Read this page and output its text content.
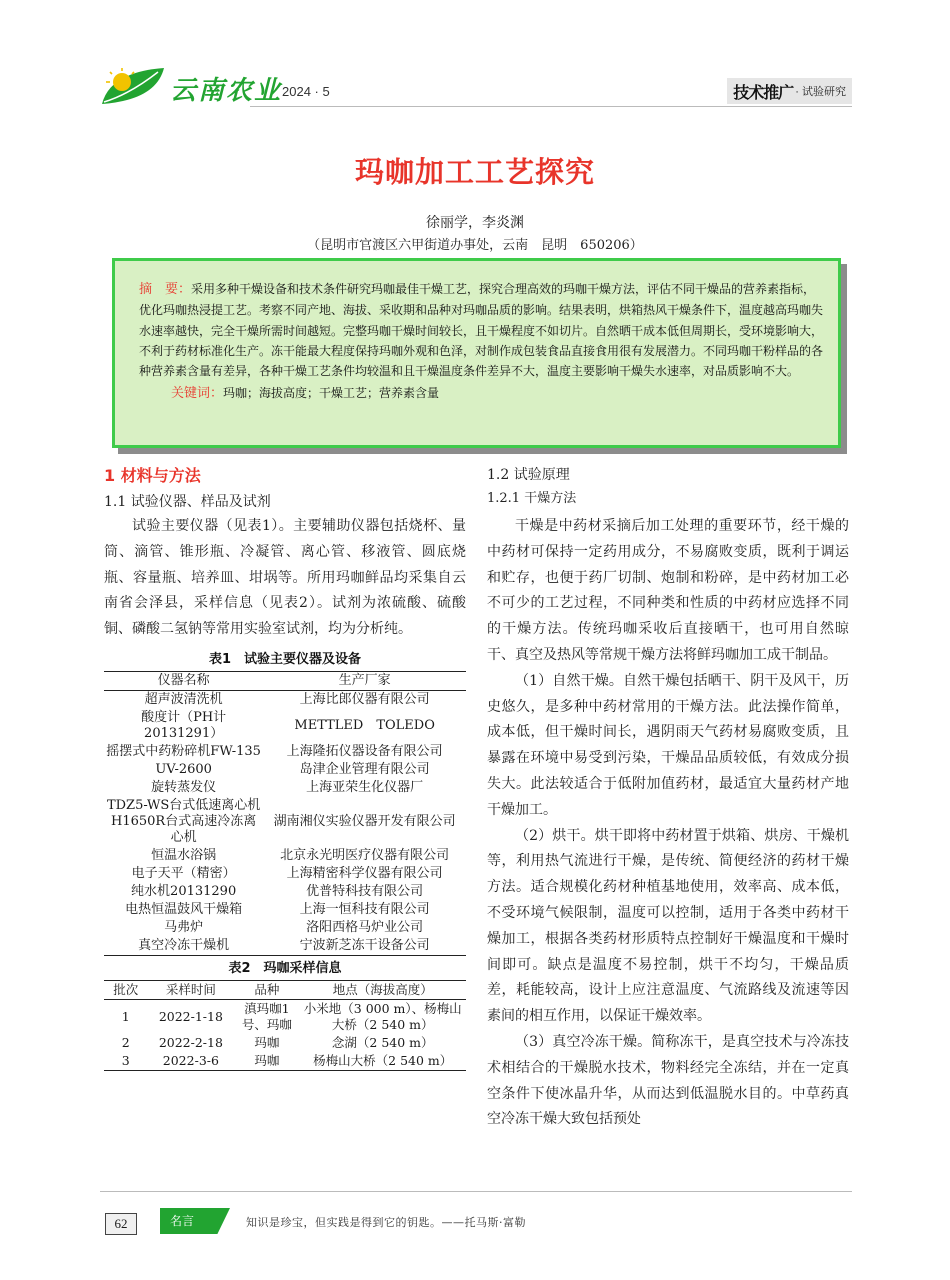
云南农业 2024 · 5	技术推广 · 试验研究
玛咖加工工艺探究
徐丽学，李炎渊
（昆明市官渡区六甲街道办事处，云南　昆明　650206）
摘　要：采用多种干燥设备和技术条件研究玛咖最佳干燥工艺，探究合理高效的玛咖干燥方法，评估不同干燥品的营养素指标，优化玛咖热浸提工艺。考察不同产地、海拔、采收期和品种对玛咖品质的影响。结果表明，烘箱热风干燥条件下，温度越高玛咖失水速率越快，完全干燥所需时间越短。完整玛咖干燥时间较长，且干燥程度不如切片。自然晒干成本低但周期长，受环境影响大，不利于药材标准化生产。冻干能最大程度保持玛咖外观和色泽，对制作成包装食品直接食用很有发展潜力。不同玛咖干粉样品的各种营养素含量有差异，各种干燥工艺条件均较温和且干燥温度条件差异不大，温度主要影响干燥失水速率，对品质影响不大。
关键词：玛咖；海拔高度；干燥工艺；营养素含量
1 材料与方法
1.1 试验仪器、样品及试剂
试验主要仪器（见表1）。主要辅助仪器包括烧杯、量筒、滴管、锥形瓶、冷凝管、离心管、移液管、圆底烧瓶、容量瓶、培养皿、坩埚等。所用玛咖鲜品均采集自云南省会泽县，采样信息（见表2）。试剂为浓硫酸、硫酸铜、磷酸二氢钠等常用实验室试剂，均为分析纯。
表1　试验主要仪器及设备
仪器名称	生产厂家
超声波清洗机	上海比郎仪器有限公司
酸度计（PH计20131291）	METTLED　TOLEDO
摇摆式中药粉碎机FW-135	上海隆拓仪器设备有限公司
UV-2600	岛津企业管理有限公司
旋转蒸发仪	上海亚荣生化仪器厂
TDZ5-WS台式低速离心机 H1650R台式高速冷冻离心机	湖南湘仪实验仪器开发有限公司
恒温水浴锅	北京永光明医疗仪器有限公司
电子天平（精密）	上海精密科学仪器有限公司
纯水机20131290	优普特科技有限公司
电热恒温鼓风干燥箱	上海一恒科技有限公司
马弗炉	洛阳西格马炉业公司
真空冷冻干燥机	宁波新芝冻干设备公司
表2　玛咖采样信息
批次	采样时间	品种	地点（海拔高度）
1	2022-1-18	滇玛咖1号、玛咖	小米地（3 000 m）、杨梅山大桥（2 540 m）
2	2022-2-18	玛咖	念湖（2 540 m）
3	2022-3-6	玛咖	杨梅山大桥（2 540 m）
1.2 试验原理
1.2.1 干燥方法
干燥是中药材采摘后加工处理的重要环节，经干燥的中药材可保持一定药用成分，不易腐败变质，既利于调运和贮存，也便于药厂切制、炮制和粉碎，是中药材加工必不可少的工艺过程，不同种类和性质的中药材应选择不同的干燥方法。传统玛咖采收后直接晒干，也可用自然晾干、真空及热风等常规干燥方法将鲜玛咖加工成干制品。
（1）自然干燥。自然干燥包括晒干、阴干及风干，历史悠久，是多种中药材常用的干燥方法。此法操作简单，成本低，但干燥时间长，遇阴雨天气药材易腐败变质，且暴露在环境中易受到污染，干燥品品质较低，有效成分损失大。此法较适合于低附加值药材，最适宜大量药材产地干燥加工。
（2）烘干。烘干即将中药材置于烘箱、烘房、干燥机等，利用热气流进行干燥，是传统、简便经济的药材干燥方法。适合规模化药材种植基地使用，效率高、成本低，不受环境气候限制，温度可以控制，适用于各类中药材干燥加工，根据各类药材形质特点控制好干燥温度和干燥时间即可。缺点是温度不易控制，烘干不均匀，干燥品质差，耗能较高，设计上应注意温度、气流路线及流速等因素间的相互作用，以保证干燥效率。
（3）真空冷冻干燥。简称冻干，是真空技术与冷冻技术相结合的干燥脱水技术，物料经完全冻结，并在一定真空条件下使冰晶升华，从而达到低温脱水目的。中草药真空冷冻干燥大致包括预处
62	名言	知识是珍宝，但实践是得到它的钥匙。——托马斯·富勒
